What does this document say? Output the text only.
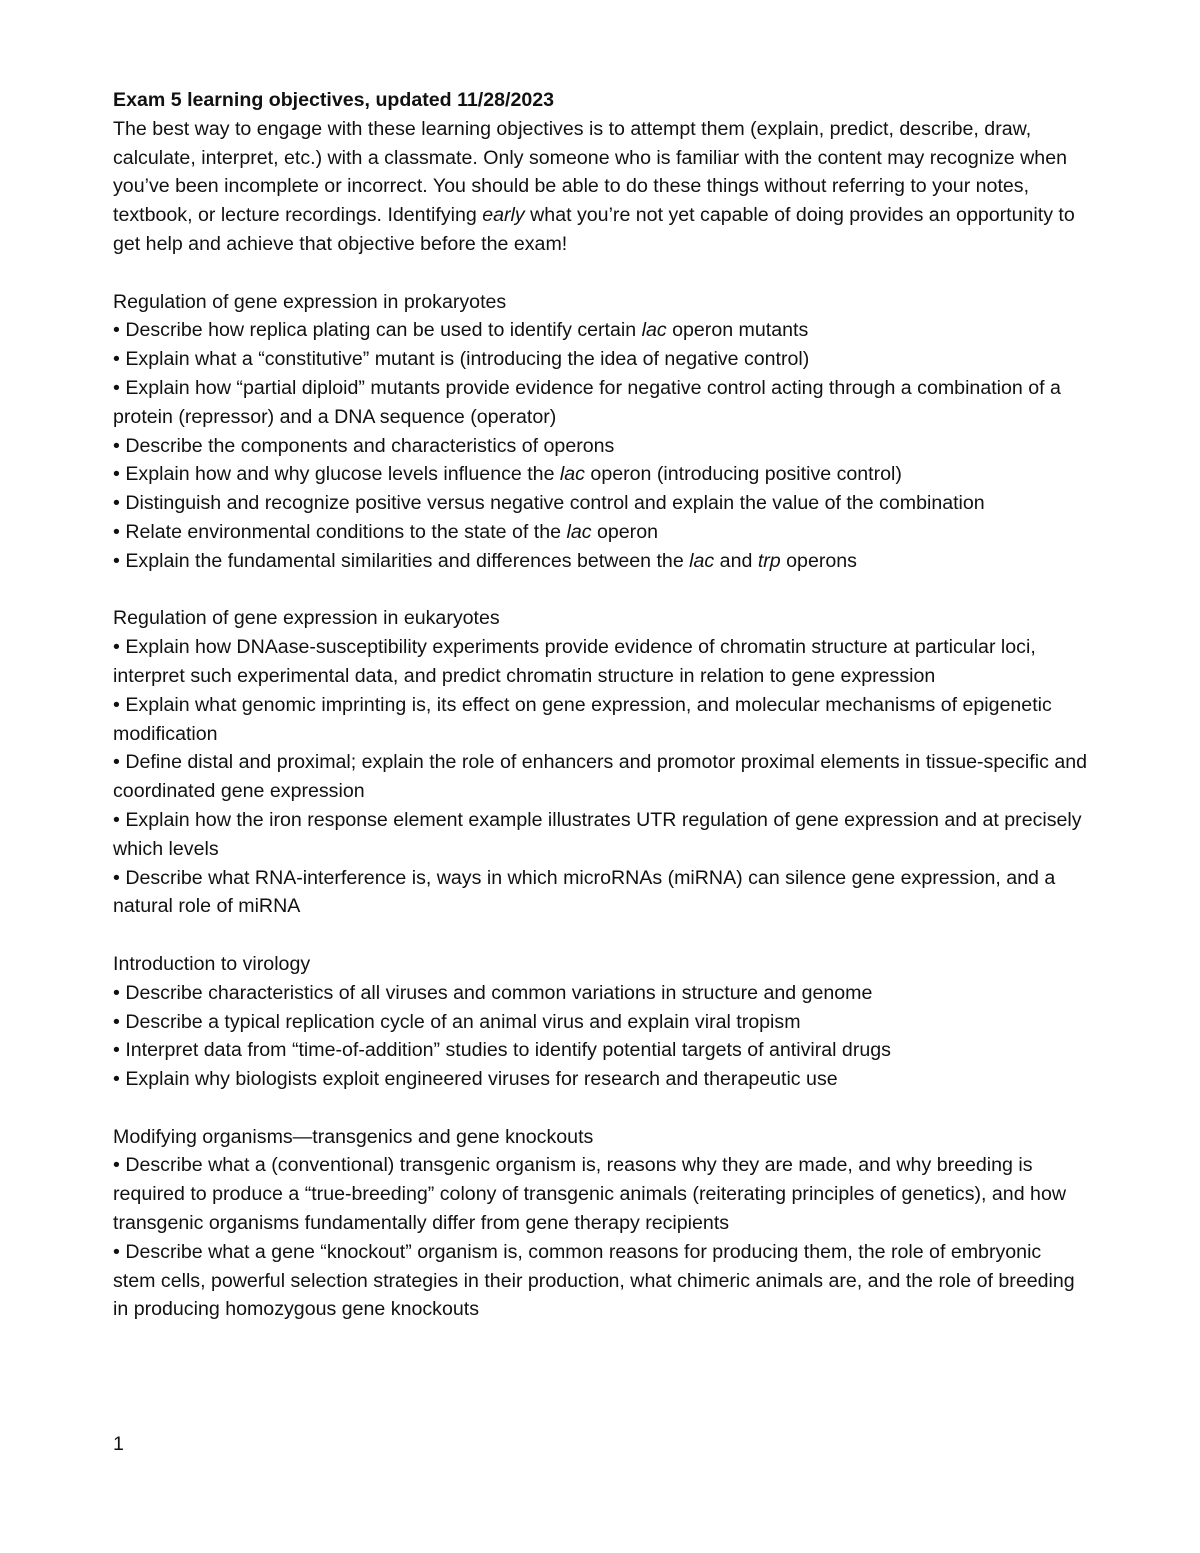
Exam 5 learning objectives, updated 11/28/2023

The best way to engage with these learning objectives is to attempt them (explain, predict, describe, draw, calculate, interpret, etc.) with a classmate. Only someone who is familiar with the content may recognize when you’ve been incomplete or incorrect. You should be able to do these things without referring to your notes, textbook, or lecture recordings. Identifying early what you’re not yet capable of doing provides an opportunity to get help and achieve that objective before the exam!

Regulation of gene expression in prokaryotes

• Describe how replica plating can be used to identify certain lac operon mutants

• Explain what a “constitutive” mutant is (introducing the idea of negative control)

• Explain how “partial diploid” mutants provide evidence for negative control acting through a combination of a protein (repressor) and a DNA sequence (operator)

• Describe the components and characteristics of operons

• Explain how and why glucose levels influence the lac operon (introducing positive control)

• Distinguish and recognize positive versus negative control and explain the value of the combination

• Relate environmental conditions to the state of the lac operon

• Explain the fundamental similarities and differences between the lac and trp operons

Regulation of gene expression in eukaryotes

• Explain how DNAase-susceptibility experiments provide evidence of chromatin structure at particular loci, interpret such experimental data, and predict chromatin structure in relation to gene expression

• Explain what genomic imprinting is, its effect on gene expression, and molecular mechanisms of epigenetic modification

• Define distal and proximal; explain the role of enhancers and promotor proximal elements in tissue-specific and coordinated gene expression

• Explain how the iron response element example illustrates UTR regulation of gene expression and at precisely which levels

• Describe what RNA-interference is, ways in which microRNAs (miRNA) can silence gene expression, and a natural role of miRNA

Introduction to virology

• Describe characteristics of all viruses and common variations in structure and genome

• Describe a typical replication cycle of an animal virus and explain viral tropism

• Interpret data from “time-of-addition” studies to identify potential targets of antiviral drugs

• Explain why biologists exploit engineered viruses for research and therapeutic use

Modifying organisms—transgenics and gene knockouts

• Describe what a (conventional) transgenic organism is, reasons why they are made, and why breeding is required to produce a “true-breeding” colony of transgenic animals (reiterating principles of genetics), and how transgenic organisms fundamentally differ from gene therapy recipients

• Describe what a gene “knockout” organism is, common reasons for producing them, the role of embryonic stem cells, powerful selection strategies in their production, what chimeric animals are, and the role of breeding in producing homozygous gene knockouts

1
